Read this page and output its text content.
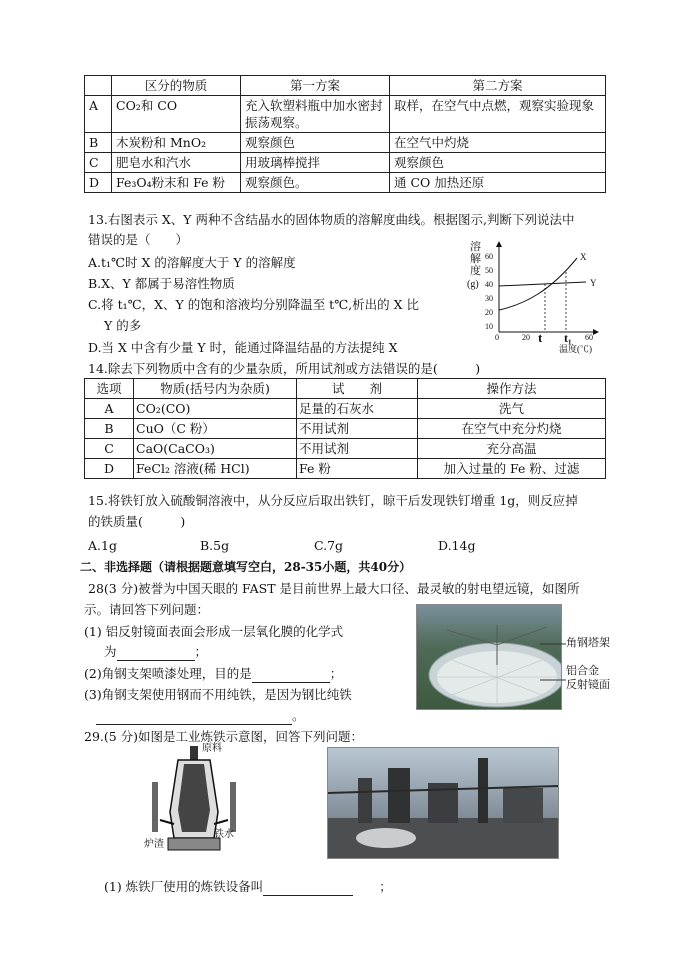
	区分的物质	第一方案	第二方案
A	CO₂和 CO	充入软塑料瓶中加水密封振荡观察。	取样，在空气中点燃，观察实验现象
B	木炭粉和 MnO₂	观察颜色	在空气中灼烧
C	肥皂水和汽水	用玻璃棒搅拌	观察颜色
D	Fe₃O₄粉末和 Fe 粉	观察颜色。	通 CO 加热还原
13.右图表示 X、Y 两种不含结晶水的固体物质的溶解度曲线。根据图示,判断下列说法中
错误的是（　　）
A.t₁℃时 X 的溶解度大于 Y 的溶解度
B.X、Y 都属于易溶性物质
C.将 t₁℃，X、Y 的饱和溶液均分别降温至 t℃,析出的 X 比
Y 的多
D.当 X 中含有少量 Y 时，能通过降温结晶的方法提纯 X
溶
解
度
(g)
60
50
40
30
20
10
0	20	60
t t₁
温度(℃)
X
Y
14.除去下列物质中含有的少量杂质，所用试剂或方法错误的是(　　　)
选项	物质(括号内为杂质)	试　　剂	操作方法
A	CO₂(CO)	足量的石灰水	洗气
B	CuO（C 粉）	不用试剂	在空气中充分灼烧
C	CaO(CaCO₃)	不用试剂	充分高温
D	FeCl₂ 溶液(稀 HCl)	Fe 粉	加入过量的 Fe 粉、过滤
15.将铁钉放入硫酸铜溶液中，从分反应后取出铁钉，晾干后发现铁钉增重 1g，则反应掉
的铁质量(　　　)
A.1g	B.5g	C.7g	D.14g
二、非选择题（请根据题意填写空白，28-35小题，共40分）
28(3 分)被誉为中国天眼的 FAST 是目前世界上最大口径、最灵敏的射电望远镜，如图所
示。请回答下列问题：
(1) 铝反射镜面表面会形成一层氧化膜的化学式
为	；
(2)角钢支架喷漆处理，目的是	；
(3)角钢支架使用钢而不用纯铁，是因为钢比纯铁
。
角钢塔架
铝合金
反射镜面
29.(5 分)如图是工业炼铁示意图，回答下列问题：
原料
炉渣
铁水
(1) 炼铁厂使用的炼铁设备叫	；
